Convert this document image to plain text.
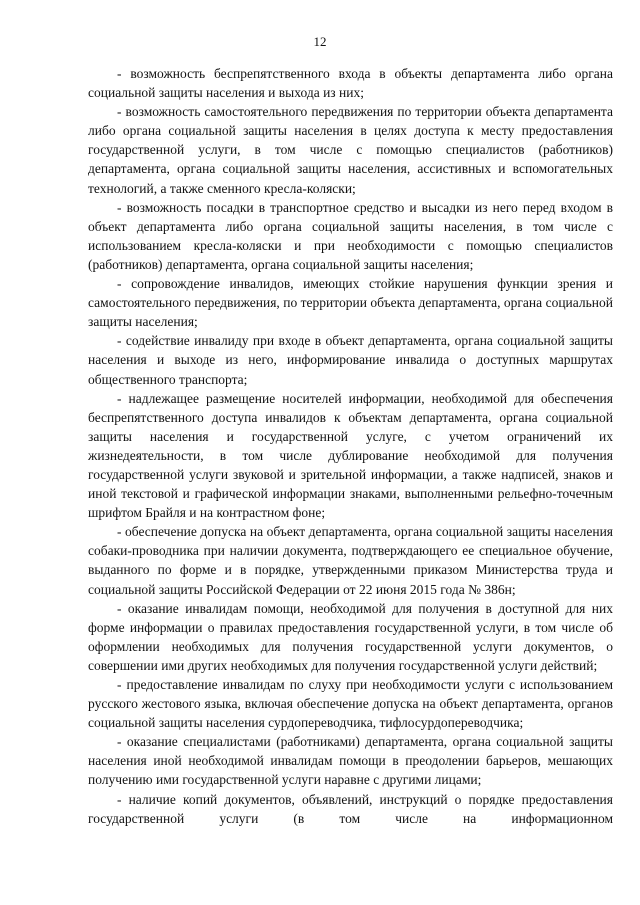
12

- возможность беспрепятственного входа в объекты департамента либо органа социальной защиты населения и выхода из них;

- возможность самостоятельного передвижения по территории объекта департамента либо органа социальной защиты населения в целях доступа к месту предоставления государственной услуги, в том числе с помощью специалистов (работников) департамента, органа социальной защиты населения, ассистивных и вспомогательных технологий, а также сменного кресла-коляски;

- возможность посадки в транспортное средство и высадки из него перед входом в объект департамента либо органа социальной защиты населения, в том числе с использованием кресла-коляски и при необходимости с помощью специалистов (работников) департамента, органа социальной защиты населения;

- сопровождение инвалидов, имеющих стойкие нарушения функции зрения и самостоятельного передвижения, по территории объекта департамента, органа социальной защиты населения;

- содействие инвалиду при входе в объект департамента, органа социальной защиты населения и выходе из него, информирование инвалида о доступных маршрутах общественного транспорта;

- надлежащее размещение носителей информации, необходимой для обеспечения беспрепятственного доступа инвалидов к объектам департамента, органа социальной защиты населения и государственной услуге, с учетом ограничений их жизнедеятельности, в том числе дублирование необходимой для получения государственной услуги звуковой и зрительной информации, а также надписей, знаков и иной текстовой и графической информации знаками, выполненными рельефно-точечным шрифтом Брайля и на контрастном фоне;

- обеспечение допуска на объект департамента, органа социальной защиты населения собаки-проводника при наличии документа, подтверждающего ее специальное обучение, выданного по форме и в порядке, утвержденными приказом Министерства труда и социальной защиты Российской Федерации от 22 июня 2015 года № 386н;

- оказание инвалидам помощи, необходимой для получения в доступной для них форме информации о правилах предоставления государственной услуги, в том числе об оформлении необходимых для получения государственной услуги документов, о совершении ими других необходимых для получения государственной услуги действий;

- предоставление инвалидам по слуху при необходимости услуги с использованием русского жестового языка, включая обеспечение допуска на объект департамента, органов социальной защиты населения сурдопереводчика, тифлосурдопереводчика;

- оказание специалистами (работниками) департамента, органа социальной защиты населения иной необходимой инвалидам помощи в преодолении барьеров, мешающих получению ими государственной услуги наравне с другими лицами;

- наличие копий документов, объявлений, инструкций о порядке предоставления государственной услуги (в том числе на информационном
